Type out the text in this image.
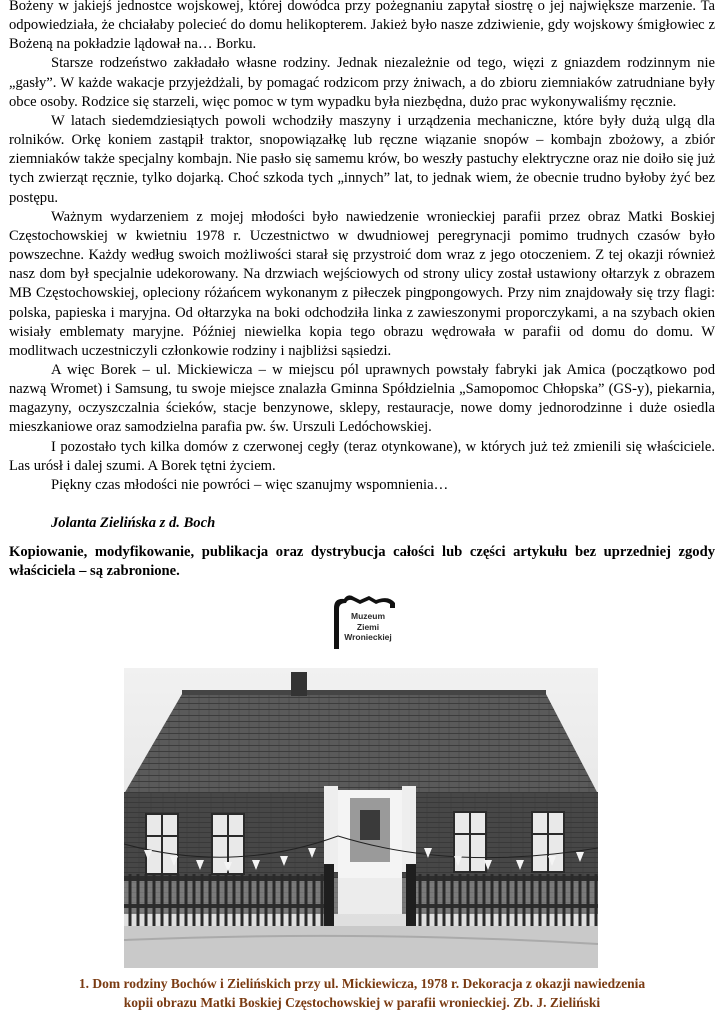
Bożeny w jakiejś jednostce wojskowej, której dowódca przy pożegnaniu zapytał siostrę o jej największe marzenie. Ta odpowiedziała, że chciałaby polecieć do domu helikopterem. Jakież było nasze zdziwienie, gdy wojskowy śmigłowiec z Bożeną na pokładzie lądował na… Borku.

Starsze rodzeństwo zakładało własne rodziny. Jednak niezależnie od tego, więzi z gniazdem rodzinnym nie „gasły”. W każde wakacje przyjeżdżali, by pomagać rodzicom przy żniwach, a do zbioru ziemniaków zatrudniane były obce osoby. Rodzice się starzeli, więc pomoc w tym wypadku była niezbędna, dużo prac wykonywaliśmy ręcznie.

W latach siedemdziesiątych powoli wchodziły maszyny i urządzenia mechaniczne, które były dużą ulgą dla rolników. Orkę koniem zastąpił traktor, snopowiązałkę lub ręczne wiązanie snopów – kombajn zbożowy, a zbiór ziemniaków także specjalny kombajn. Nie pasło się samemu krów, bo weszły pastuchy elektryczne oraz nie doiło się już tych zwierząt ręcznie, tylko dojarką. Choć szkoda tych „innych” lat, to jednak wiem, że obecnie trudno byłoby żyć bez postępu.

Ważnym wydarzeniem z mojej młodości było nawiedzenie wronieckiej parafii przez obraz Matki Boskiej Częstochowskiej w kwietniu 1978 r. Uczestnictwo w dwudniowej peregrynacji pomimo trudnych czasów było powszechne. Każdy według swoich możliwości starał się przystroić dom wraz z jego otoczeniem. Z tej okazji również nasz dom był specjalnie udekorowany. Na drzwiach wejściowych od strony ulicy został ustawiony ołtarzyk z obrazem MB Częstochowskiej, opleciony różańcem wykonanym z piłeczek pingpongowych. Przy nim znajdowały się trzy flagi: polska, papieska i maryjna. Od ołtarzyka na boki odchodziła linka z zawieszonymi proporczykami, a na szybach okien wisiały emblematy maryjne. Później niewielka kopia tego obrazu wędrowała w parafii od domu do domu. W modlitwach uczestniczyli członkowie rodziny i najbliżsi sąsiedzi.

A więc Borek – ul. Mickiewicza – w miejscu pól uprawnych powstały fabryki jak Amica (początkowo pod nazwą Wromet) i Samsung, tu swoje miejsce znalazła Gminna Spółdzielnia „Samopomoc Chłopska” (GS-y), piekarnia, magazyny, oczyszczalnia ścieków, stacje benzynowe, sklepy, restauracje, nowe domy jednorodzinne i duże osiedla mieszkaniowe oraz samodzielna parafia pw. św. Urszuli Ledóchowskiej.

I pozostało tych kilka domów z czerwonej cegły (teraz otynkowane), w których już też zmienili się właściciele. Las urósł i dalej szumi. A Borek tętni życiem.

Piękny czas młodości nie powróci – więc szanujmy wspomnienia…

Jolanta Zielińska z d. Boch

Kopiowanie, modyfikowanie, publikacja oraz dystrybucja całości lub części artykułu bez uprzedniej zgody właściciela – są zabronione.
Muzeum
Ziemi
Wronieckiej
1. Dom rodziny Bochów i Zielińskich przy ul. Mickiewicza, 1978 r. Dekoracja z okazji nawiedzenia
kopii obrazu Matki Boskiej Częstochowskiej w parafii wronieckiej. Zb. J. Zieliński
